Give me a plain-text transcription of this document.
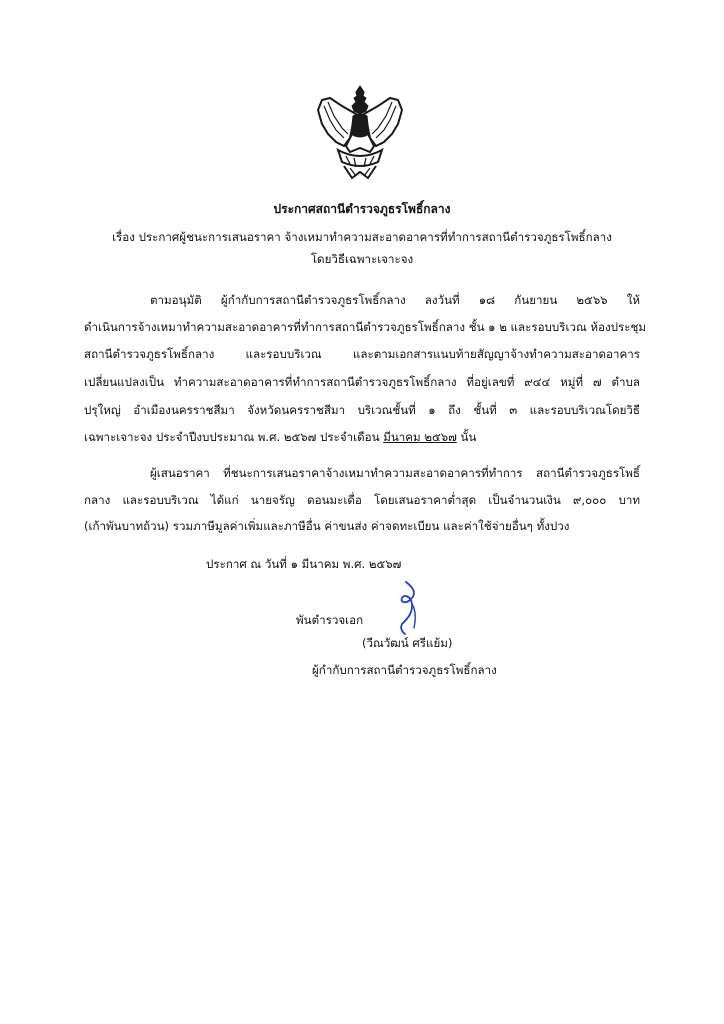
ประกาศสถานีตำรวจภูธรโพธิ์กลาง
เรื่อง ประกาศผู้ชนะการเสนอราคา จ้างเหมาทำความสะอาดอาคารที่ทำการสถานีตำรวจภูธรโพธิ์กลาง
โดยวิธีเฉพาะเจาะจง
ตามอนุมัติ ผู้กำกับการสถานีตำรวจภูธรโพธิ์กลาง ลงวันที่ ๑๘ กันยายน ๒๕๖๖ ให้
ดำเนินการจ้างเหมาทำความสะอาดอาคารที่ทำการสถานีตำรวจภูธรโพธิ์กลาง ชั้น ๑ ๒ และรอบบริเวณ ห้องประชุม
สถานีตำรวจภูธรโพธิ์กลาง และรอบบริเวณ และตามเอกสารแนบท้ายสัญญาจ้างทำความสะอาดอาคาร
เปลี่ยนแปลงเป็น ทำความสะอาดอาคารที่ทำการสถานีตำรวจภูธรโพธิ์กลาง ที่อยู่เลขที่ ๙๔๔ หมู่ที่ ๗ ตำบล
ปรุใหญ่ อำเมืองนครราชสีมา จังหวัดนครราชสีมา บริเวณชั้นที่ ๑ ถึง ชั้นที่ ๓ และรอบบริเวณโดยวิธี
เฉพาะเจาะจง ประจำปีงบประมาณ พ.ศ. ๒๕๖๗ ประจำเดือน มีนาคม ๒๕๖๗ นั้น
ผู้เสนอราคา ที่ชนะการเสนอราคาจ้างเหมาทำความสะอาดอาคารที่ทำการ สถานีตำรวจภูธรโพธิ์
กลาง และรอบบริเวณ ได้แก่ นายจรัญ ดอนมะเดื่อ โดยเสนอราคาต่ำสุด เป็นจำนวนเงิน ๙,๐๐๐ บาท
(เก้าพันบาทถ้วน) รวมภาษีมูลค่าเพิ่มและภาษีอื่น ค่าขนส่ง ค่าจดทะเบียน และค่าใช้จ่ายอื่นๆ ทั้งปวง
ประกาศ ณ วันที่ ๑ มีนาคม พ.ศ. ๒๕๖๗
พันตำรวจเอก
(วีณวัฒน์ ศรีแย้ม)
ผู้กำกับการสถานีตำรวจภูธรโพธิ์กลาง
